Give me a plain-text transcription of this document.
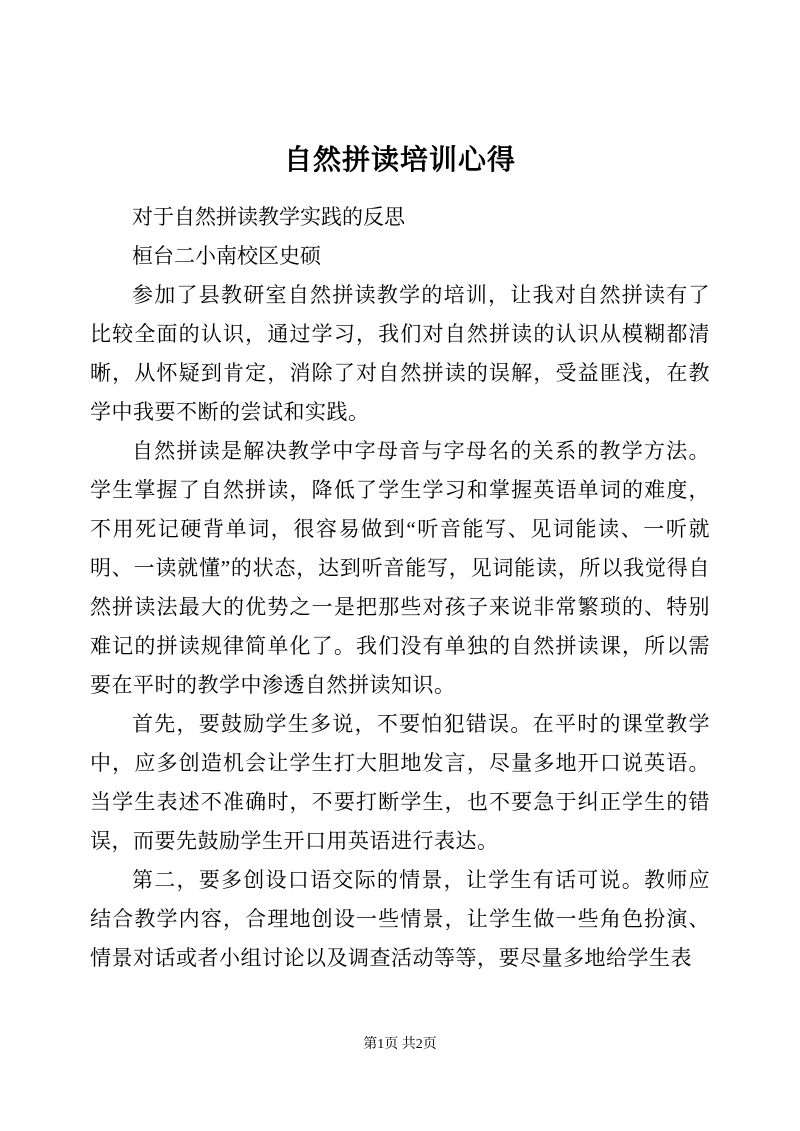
自然拼读培训心得

对于自然拼读教学实践的反思

桓台二小南校区史硕

参加了县教研室自然拼读教学的培训，让我对自然拼读有了比较全面的认识，通过学习，我们对自然拼读的认识从模糊都清晰，从怀疑到肯定，消除了对自然拼读的误解，受益匪浅，在教学中我要不断的尝试和实践。

自然拼读是解决教学中字母音与字母名的关系的教学方法。学生掌握了自然拼读，降低了学生学习和掌握英语单词的难度，不用死记硬背单词，很容易做到“听音能写、见词能读、一听就明、一读就懂”的状态，达到听音能写，见词能读，所以我觉得自然拼读法最大的优势之一是把那些对孩子来说非常繁琐的、特别难记的拼读规律简单化了。我们没有单独的自然拼读课，所以需要在平时的教学中渗透自然拼读知识。

首先，要鼓励学生多说，不要怕犯错误。在平时的课堂教学中，应多创造机会让学生打大胆地发言，尽量多地开口说英语。当学生表述不准确时，不要打断学生，也不要急于纠正学生的错误，而要先鼓励学生开口用英语进行表达。

第二，要多创设口语交际的情景，让学生有话可说。教师应结合教学内容，合理地创设一些情景，让学生做一些角色扮演、情景对话或者小组讨论以及调查活动等等，要尽量多地给学生表

第1页 共2页
